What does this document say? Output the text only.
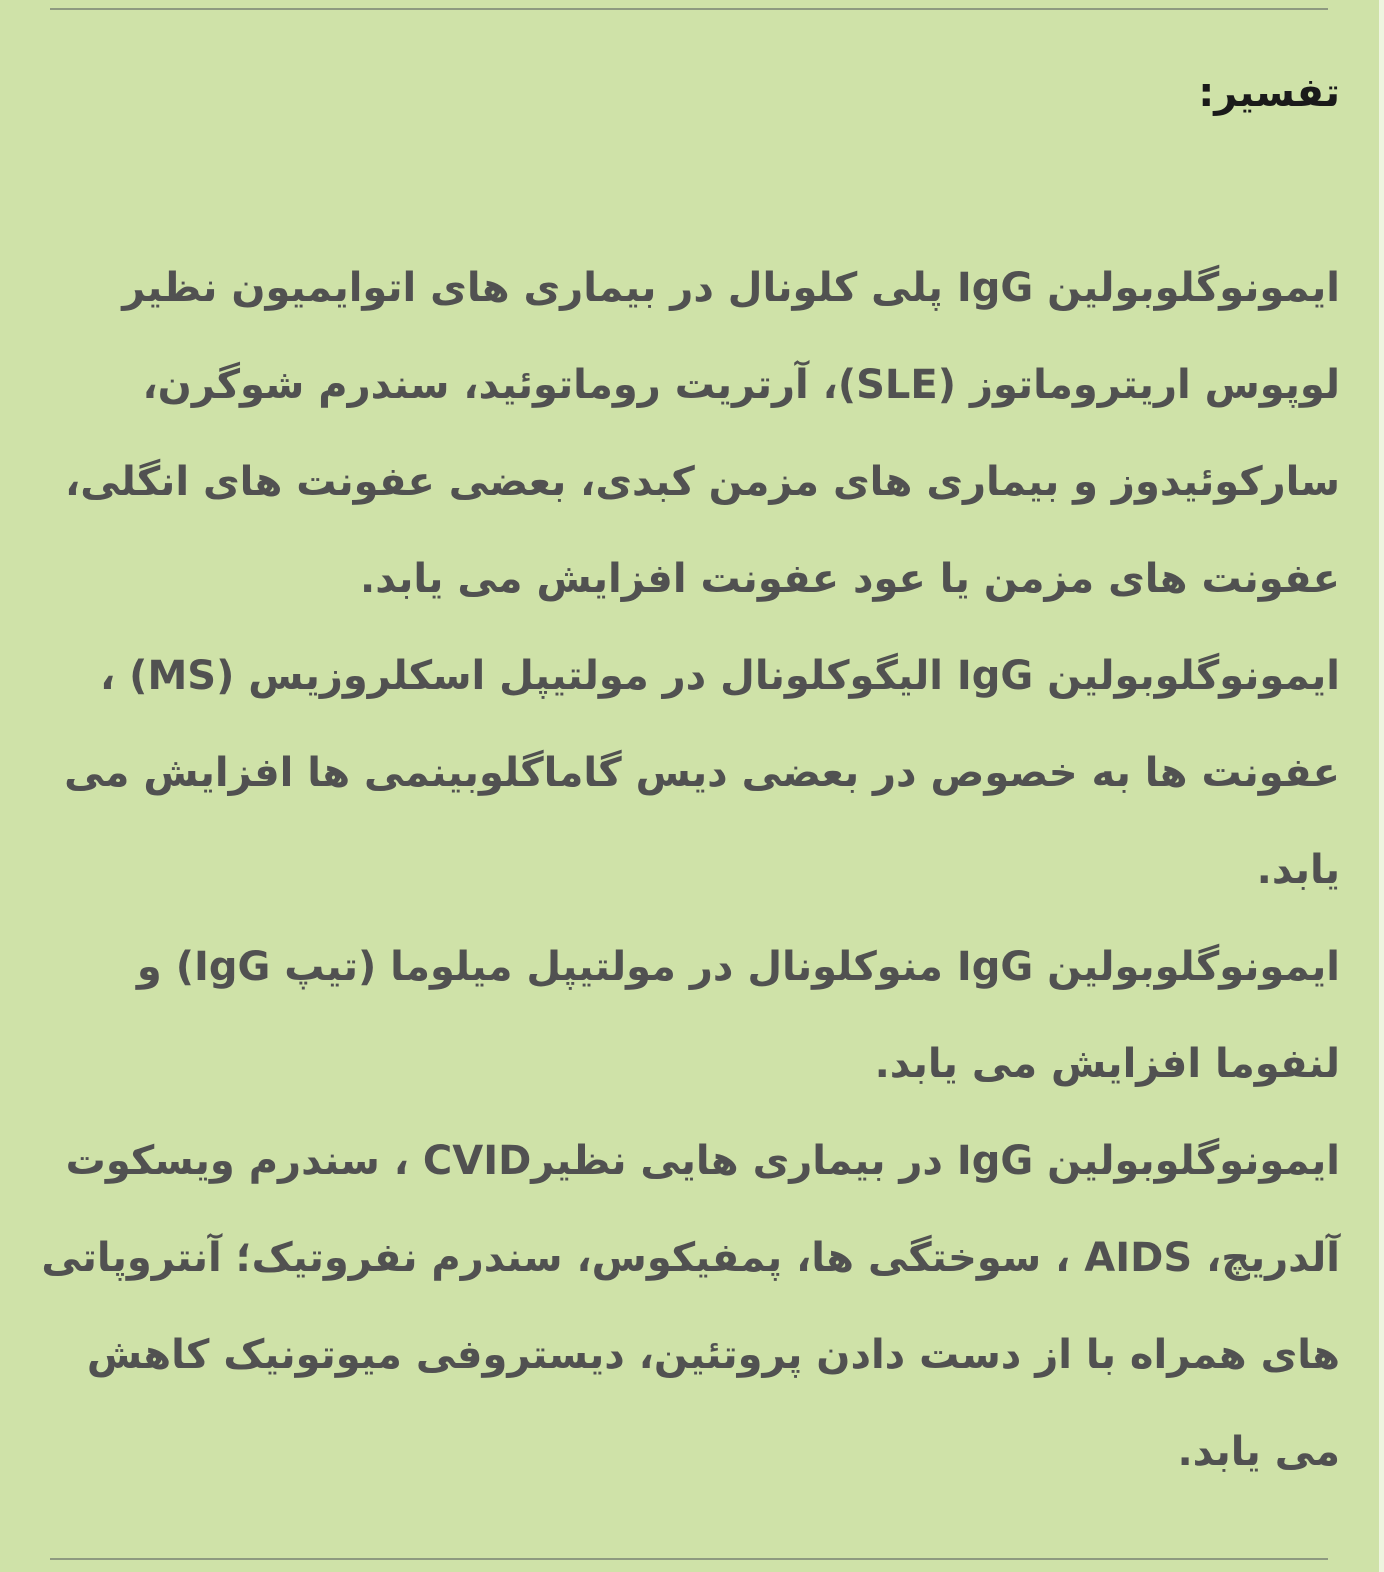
تفسیر:

ایمونوگلوبولین IgG پلی کلونال در بیماری های اتوایمیون نظیر لوپوس اریتروماتوز (SLE)، آرتریت روماتوئید، سندرم شوگرن، سارکوئیدوز و بیماری های مزمن کبدی، بعضی عفونت های انگلی، عفونت های مزمن یا عود عفونت افزایش می یابد.

ایمونوگلوبولین IgG الیگوکلونال در مولتیپل اسکلروزیس (MS) ، عفونت ها به خصوص در بعضی دیس گاماگلوبینمی ها افزایش می یابد.

ایمونوگلوبولین IgG منوکلونال در مولتیپل میلوما (تیپ IgG) و لنفوما افزایش می یابد.

ایمونوگلوبولین IgG در بیماری هایی نظیرCVID ، سندرم ویسکوت آلدریچ، AIDS ، سوختگی ها، پمفیکوس، سندرم نفروتیک؛ آنتروپاتی های همراه با از دست دادن پروتئین، دیستروفی میوتونیک کاهش می یابد.
